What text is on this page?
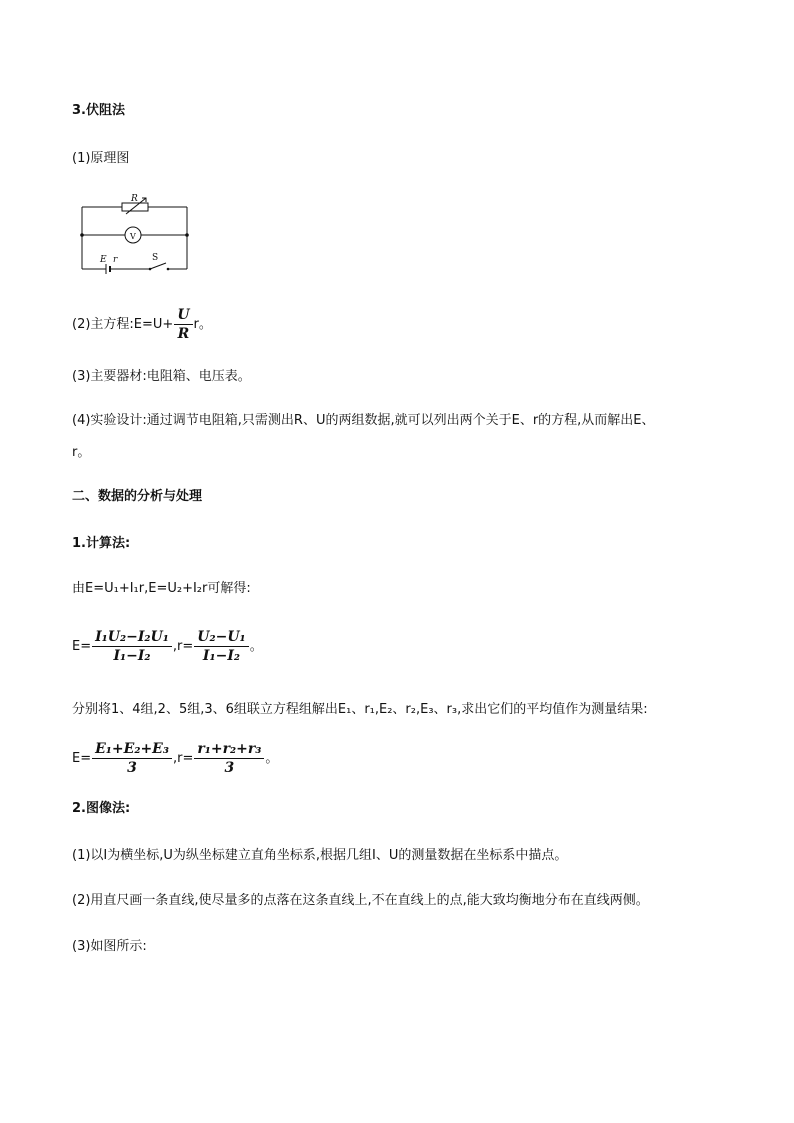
3.伏阻法
(1)原理图
R
V
E r	S
(2)主方程:E=U+ $\frac{U}{R}$ r。
(3)主要器材:电阻箱、电压表。
(4)实验设计:通过调节电阻箱,只需测出R、U的两组数据,就可以列出两个关于E、r的方程,从而解出E、
r。
二、数据的分析与处理
1.计算法:
由E=U₁+I₁r,E=U₂+I₂r可解得:
$E= \frac{\text{I₁U₂−I₂U₁}}{\text{I₁−I₂}} ,r= \frac{\text{U₂−U₁}}{\text{I₁−I₂}}$ 。
分别将1、4组,2、5组,3、6组联立方程组解出E₁、r₁,E₂、r₂,E₃、r₃,求出它们的平均值作为测量结果:
$E= \frac{\text{E₁+E₂+E₃}}{3} ,r= \frac{\text{r₁+r₂+r₃}}{3}$ 。
2.图像法:
(1)以I为横坐标,U为纵坐标建立直角坐标系,根据几组I、U的测量数据在坐标系中描点。
(2)用直尺画一条直线,使尽量多的点落在这条直线上,不在直线上的点,能大致均衡地分布在直线两侧。
(3)如图所示:
